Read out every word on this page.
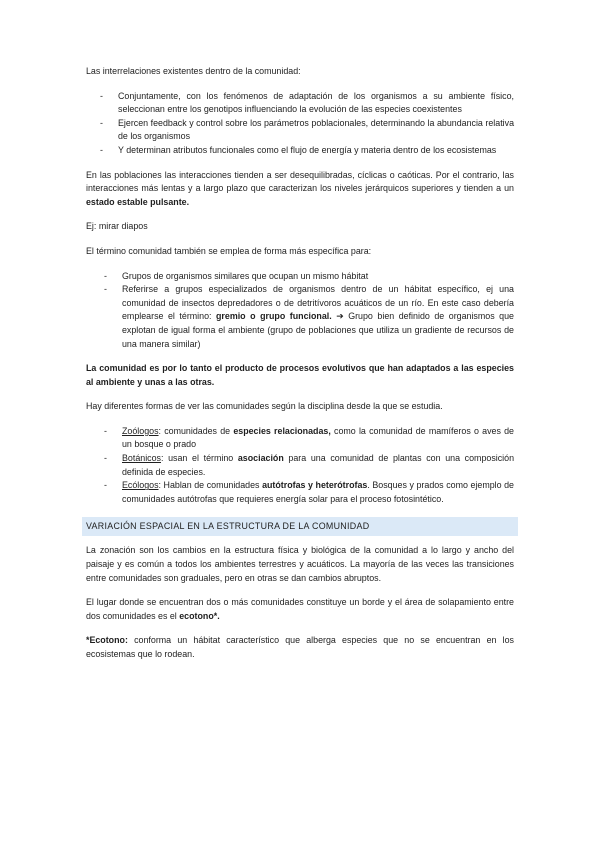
Las interrelaciones existentes dentro de la comunidad:

- Conjuntamente, con los fenómenos de adaptación de los organismos a su ambiente físico, seleccionan entre los genotipos influenciando la evolución de las especies coexistentes
- Ejercen feedback y control sobre los parámetros poblacionales, determinando la abundancia relativa de los organismos
- Y determinan atributos funcionales como el flujo de energía y materia dentro de los ecosistemas

En las poblaciones las interacciones tienden a ser desequilibradas, cíclicas o caóticas. Por el contrario, las interacciones más lentas y a largo plazo que caracterizan los niveles jerárquicos superiores y tienden a un estado estable pulsante.

Ej: mirar diapos

El término comunidad también se emplea de forma más específica para:

- Grupos de organismos similares que ocupan un mismo hábitat
- Referirse a grupos especializados de organismos dentro de un hábitat específico, ej una comunidad de insectos depredadores o de detritívoros acuáticos de un río. En este caso debería emplearse el término: gremio o grupo funcional. ➔ Grupo bien definido de organismos que explotan de igual forma el ambiente (grupo de poblaciones que utiliza un gradiente de recursos de una manera similar)

La comunidad es por lo tanto el producto de procesos evolutivos que han adaptados a las especies al ambiente y unas a las otras.

Hay diferentes formas de ver las comunidades según la disciplina desde la que se estudia.

- Zoólogos: comunidades de especies relacionadas, como la comunidad de mamíferos o aves de un bosque o prado
- Botánicos: usan el término asociación para una comunidad de plantas con una composición definida de especies.
- Ecólogos: Hablan de comunidades autótrofas y heterótrofas. Bosques y prados como ejemplo de comunidades autótrofas que requieres energía solar para el proceso fotosintético.
VARIACIÓN ESPACIAL EN LA ESTRUCTURA DE LA COMUNIDAD

La zonación son los cambios en la estructura física y biológica de la comunidad a lo largo y ancho del paisaje y es común a todos los ambientes terrestres y acuáticos. La mayoría de las veces las transiciones entre comunidades son graduales, pero en otras se dan cambios abruptos.

El lugar donde se encuentran dos o más comunidades constituye un borde y el área de solapamiento entre dos comunidades es el ecotono*.

*Ecotono: conforma un hábitat característico que alberga especies que no se encuentran en los ecosistemas que lo rodean.
